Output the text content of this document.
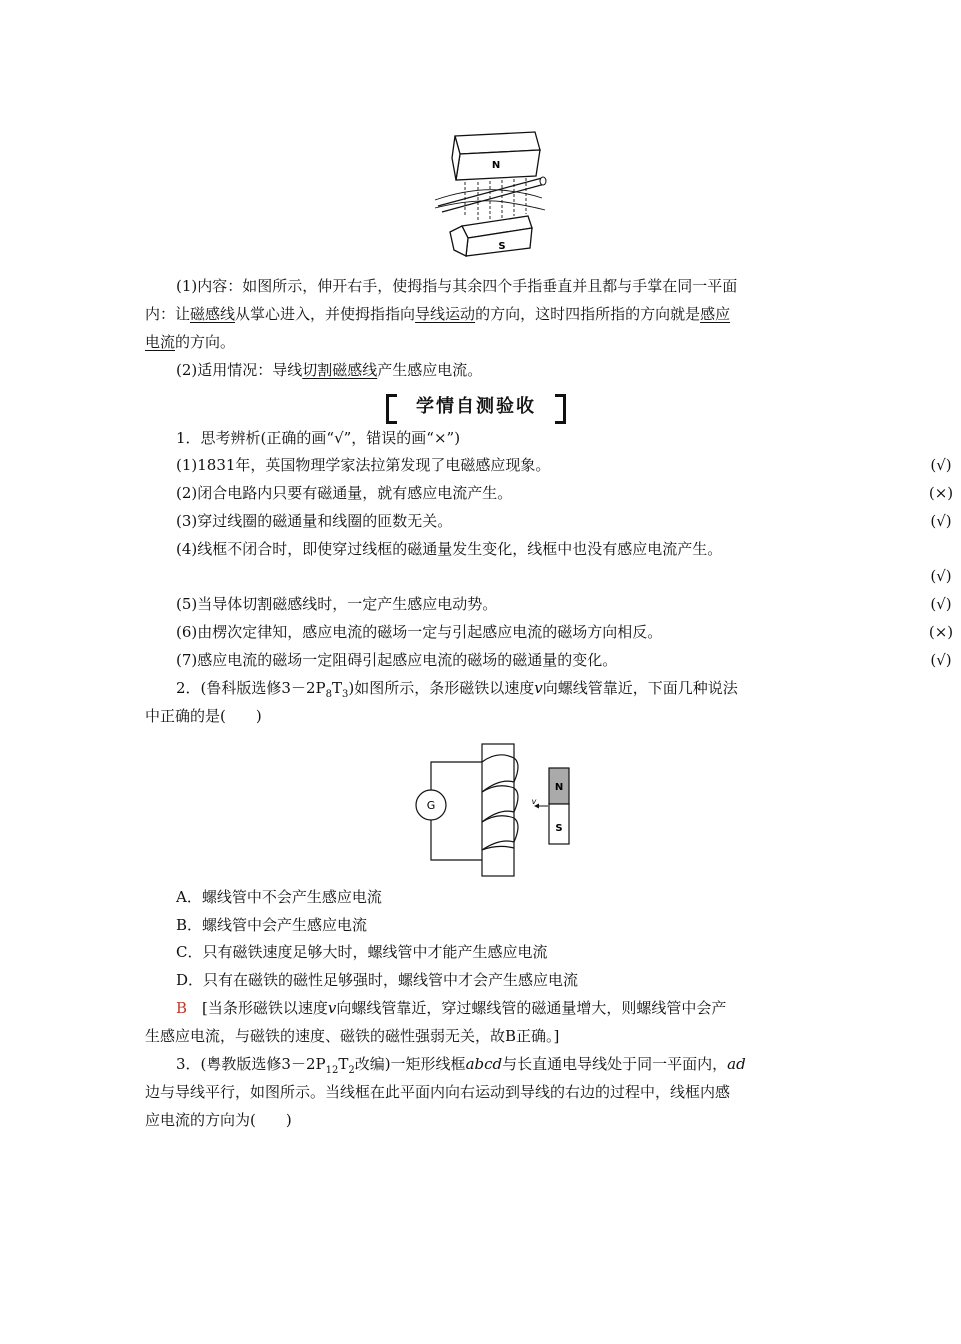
N
S
(1)内容：如图所示，伸开右手，使拇指与其余四个手指垂直并且都与手掌在同一平面
内：让磁感线从掌心进入，并使拇指指向导线运动的方向，这时四指所指的方向就是感应
电流的方向。
(2)适用情况：导线切割磁感线产生感应电流。
学情自测验收
1．思考辨析(正确的画“√”，错误的画“×”)
(1)1831年，英国物理学家法拉第发现了电磁感应现象。	(√)
(2)闭合电路内只要有磁通量，就有感应电流产生。	(×)
(3)穿过线圈的磁通量和线圈的匝数无关。	(√)
(4)线框不闭合时，即使穿过线框的磁通量发生变化，线框中也没有感应电流产生。
(√)
(5)当导体切割磁感线时，一定产生感应电动势。	(√)
(6)由楞次定律知，感应电流的磁场一定与引起感应电流的磁场方向相反。	(×)
(7)感应电流的磁场一定阻碍引起感应电流的磁场的磁通量的变化。	(√)
2．(鲁科版选修$3-2P_8T_3$)如图所示，条形磁铁以速度v向螺线管靠近，下面几种说法
中正确的是(　　)
G
N
S
v
A．螺线管中不会产生感应电流
B．螺线管中会产生感应电流
C．只有磁铁速度足够大时，螺线管中才能产生感应电流
D．只有在磁铁的磁性足够强时，螺线管中才会产生感应电流
B　 [当条形磁铁以速度v向螺线管靠近，穿过螺线管的磁通量增大，则螺线管中会产
生感应电流，与磁铁的速度、磁铁的磁性强弱无关，故B正确。]
3．(粤教版选修$3-2P_{12}T_2$改编)一矩形线框abcd与长直通电导线处于同一平面内，ad
边与导线平行，如图所示。当线框在此平面内向右运动到导线的右边的过程中，线框内感
应电流的方向为(　　)
